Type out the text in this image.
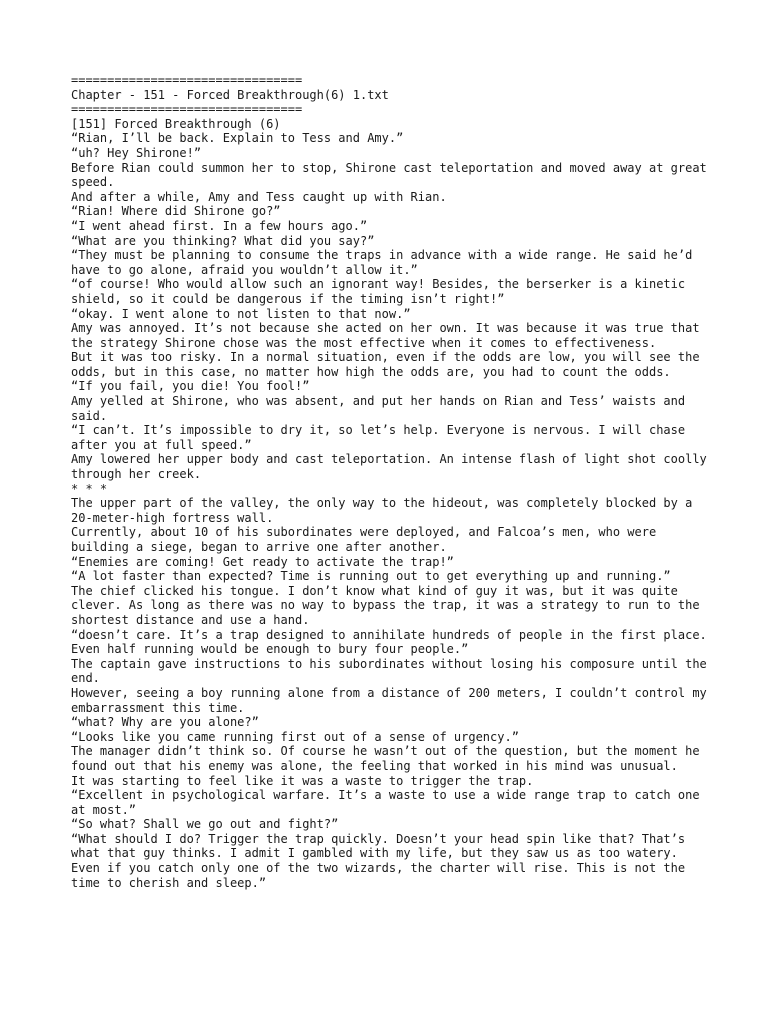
================================

Chapter - 151 - Forced Breakthrough(6) 1.txt

================================

[151] Forced Breakthrough (6)

“Rian, I’ll be back. Explain to Tess and Amy.”

“uh? Hey Shirone!”

Before Rian could summon her to stop, Shirone cast teleportation and moved away at great speed.

And after a while, Amy and Tess caught up with Rian.

“Rian! Where did Shirone go?”

“I went ahead first. In a few hours ago.”

“What are you thinking? What did you say?”

“They must be planning to consume the traps in advance with a wide range. He said he’d have to go alone, afraid you wouldn’t allow it.”

“of course! Who would allow such an ignorant way! Besides, the berserker is a kinetic shield, so it could be dangerous if the timing isn’t right!”

“okay. I went alone to not listen to that now.”

Amy was annoyed. It’s not because she acted on her own. It was because it was true that the strategy Shirone chose was the most effective when it comes to effectiveness.

But it was too risky. In a normal situation, even if the odds are low, you will see the odds, but in this case, no matter how high the odds are, you had to count the odds.

“If you fail, you die! You fool!”

Amy yelled at Shirone, who was absent, and put her hands on Rian and Tess’ waists and said.

“I can’t. It’s impossible to dry it, so let’s help. Everyone is nervous. I will chase after you at full speed.”

Amy lowered her upper body and cast teleportation. An intense flash of light shot coolly through her creek.

* * *

The upper part of the valley, the only way to the hideout, was completely blocked by a 20-meter-high fortress wall.

Currently, about 10 of his subordinates were deployed, and Falcoa’s men, who were building a siege, began to arrive one after another.

“Enemies are coming! Get ready to activate the trap!”

“A lot faster than expected? Time is running out to get everything up and running.”

The chief clicked his tongue. I don’t know what kind of guy it was, but it was quite clever. As long as there was no way to bypass the trap, it was a strategy to run to the shortest distance and use a hand.

“doesn’t care. It’s a trap designed to annihilate hundreds of people in the first place. Even half running would be enough to bury four people.”

The captain gave instructions to his subordinates without losing his composure until the end.

However, seeing a boy running alone from a distance of 200 meters, I couldn’t control my embarrassment this time.

“what? Why are you alone?”

“Looks like you came running first out of a sense of urgency.”

The manager didn’t think so. Of course he wasn’t out of the question, but the moment he found out that his enemy was alone, the feeling that worked in his mind was unusual.

It was starting to feel like it was a waste to trigger the trap.

“Excellent in psychological warfare. It’s a waste to use a wide range trap to catch one at most.”

“So what? Shall we go out and fight?”

“What should I do? Trigger the trap quickly. Doesn’t your head spin like that? That’s what that guy thinks. I admit I gambled with my life, but they saw us as too watery. Even if you catch only one of the two wizards, the charter will rise. This is not the time to cherish and sleep.”
